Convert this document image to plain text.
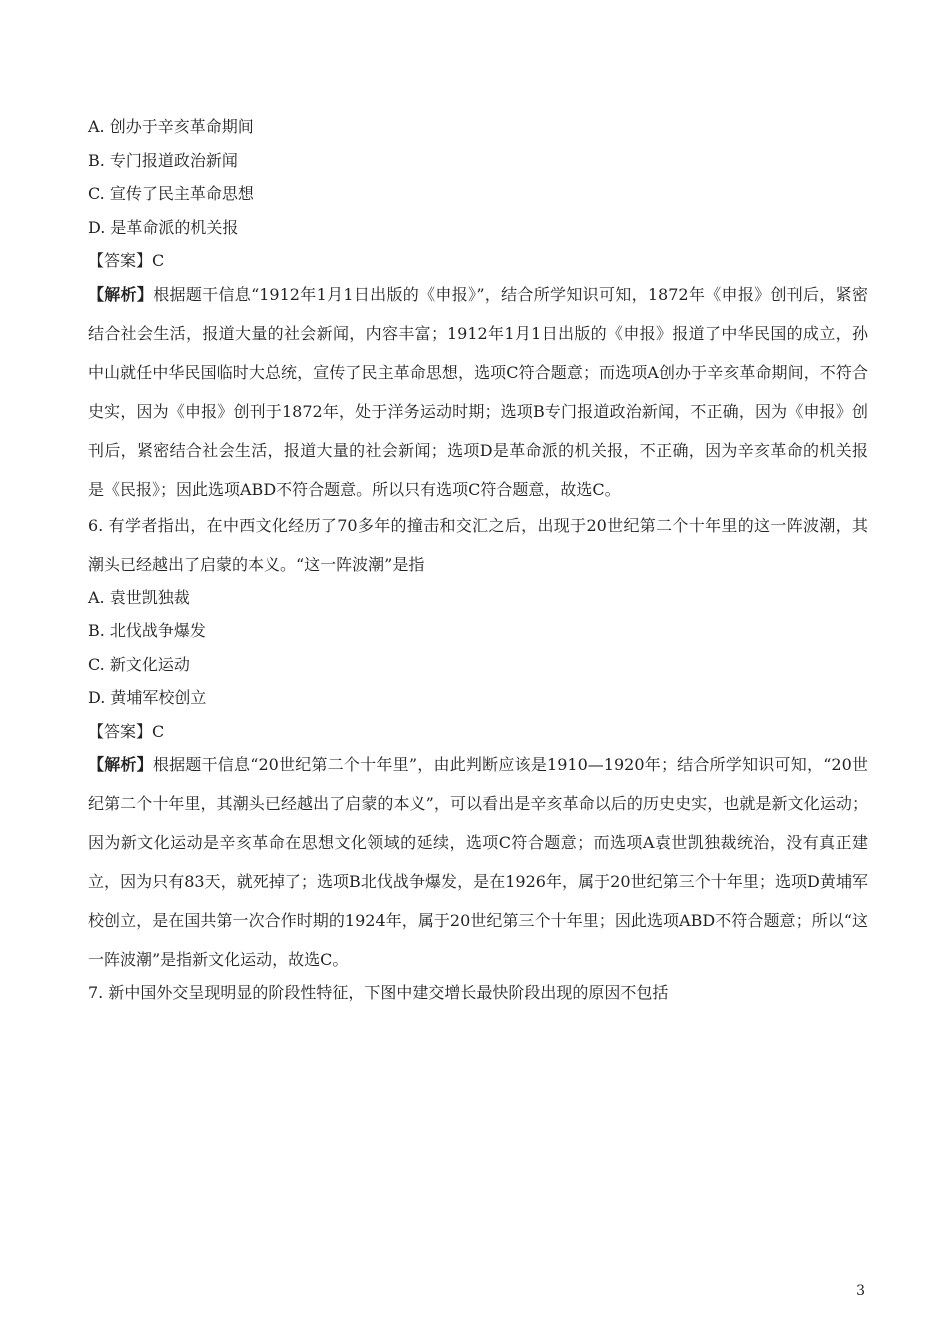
A. 创办于辛亥革命期间
B. 专门报道政治新闻
C. 宣传了民主革命思想
D. 是革命派的机关报
【答案】C
【解析】根据题干信息“1912年1月1日出版的《申报》”，结合所学知识可知，1872年《申报》创刊后，紧密结合社会生活，报道大量的社会新闻，内容丰富；1912年1月1日出版的《申报》报道了中华民国的成立，孙中山就任中华民国临时大总统，宣传了民主革命思想，选项C符合题意；而选项A创办于辛亥革命期间，不符合史实，因为《申报》创刊于1872年，处于洋务运动时期；选项B专门报道政治新闻，不正确，因为《申报》创刊后，紧密结合社会生活，报道大量的社会新闻；选项D是革命派的机关报，不正确，因为辛亥革命的机关报是《民报》；因此选项ABD不符合题意。所以只有选项C符合题意，故选C。
6. 有学者指出，在中西文化经历了70多年的撞击和交汇之后，出现于20世纪第二个十年里的这一阵波潮，其潮头已经越出了启蒙的本义。“这一阵波潮”是指
A. 袁世凯独裁
B. 北伐战争爆发
C. 新文化运动
D. 黄埔军校创立
【答案】C
【解析】根据题干信息“20世纪第二个十年里”，由此判断应该是1910—1920年；结合所学知识可知，“20世纪第二个十年里，其潮头已经越出了启蒙的本义”，可以看出是辛亥革命以后的历史史实，也就是新文化运动；因为新文化运动是辛亥革命在思想文化领域的延续，选项C符合题意；而选项A袁世凯独裁统治，没有真正建立，因为只有83天，就死掉了；选项B北伐战争爆发，是在1926年，属于20世纪第三个十年里；选项D黄埔军校创立，是在国共第一次合作时期的1924年，属于20世纪第三个十年里；因此选项ABD不符合题意；所以“这一阵波潮”是指新文化运动，故选C。
7. 新中国外交呈现明显的阶段性特征，下图中建交增长最快阶段出现的原因不包括
3
